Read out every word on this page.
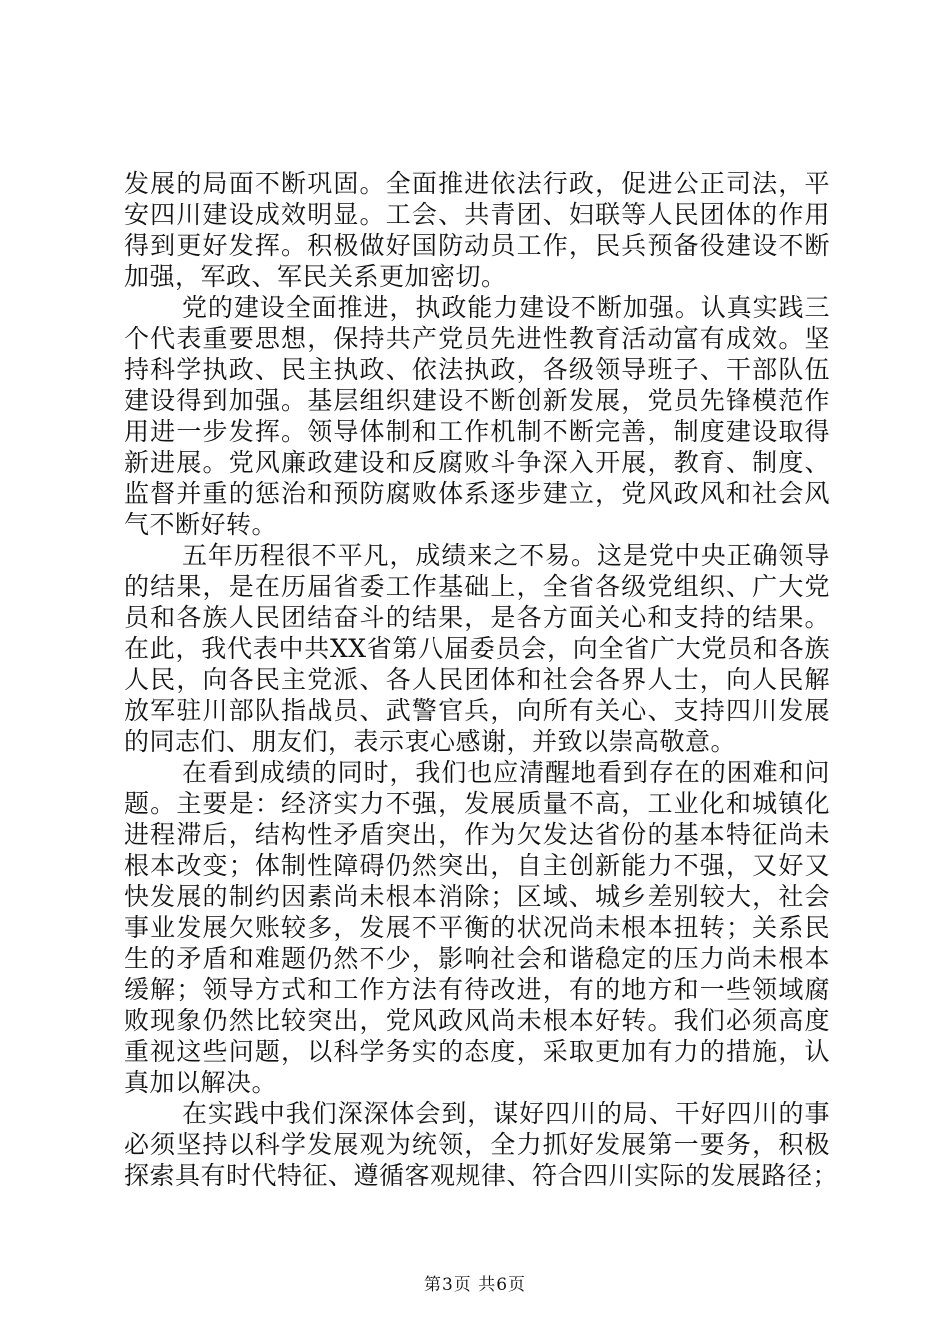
发展的局面不断巩固。全面推进依法行政，促进公正司法，平
安四川建设成效明显。工会、共青团、妇联等人民团体的作用
得到更好发挥。积极做好国防动员工作，民兵预备役建设不断
加强，军政、军民关系更加密切。
党的建设全面推进，执政能力建设不断加强。认真实践三
个代表重要思想，保持共产党员先进性教育活动富有成效。坚
持科学执政、民主执政、依法执政，各级领导班子、干部队伍
建设得到加强。基层组织建设不断创新发展，党员先锋模范作
用进一步发挥。领导体制和工作机制不断完善，制度建设取得
新进展。党风廉政建设和反腐败斗争深入开展，教育、制度、
监督并重的惩治和预防腐败体系逐步建立，党风政风和社会风
气不断好转。
五年历程很不平凡，成绩来之不易。这是党中央正确领导
的结果，是在历届省委工作基础上，全省各级党组织、广大党
员和各族人民团结奋斗的结果，是各方面关心和支持的结果。
在此，我代表中共XX省第八届委员会，向全省广大党员和各族
人民，向各民主党派、各人民团体和社会各界人士，向人民解
放军驻川部队指战员、武警官兵，向所有关心、支持四川发展
的同志们、朋友们，表示衷心感谢，并致以崇高敬意。
在看到成绩的同时，我们也应清醒地看到存在的困难和问
题。主要是：经济实力不强，发展质量不高，工业化和城镇化
进程滞后，结构性矛盾突出，作为欠发达省份的基本特征尚未
根本改变；体制性障碍仍然突出，自主创新能力不强，又好又
快发展的制约因素尚未根本消除；区域、城乡差别较大，社会
事业发展欠账较多，发展不平衡的状况尚未根本扭转；关系民
生的矛盾和难题仍然不少，影响社会和谐稳定的压力尚未根本
缓解；领导方式和工作方法有待改进，有的地方和一些领域腐
败现象仍然比较突出，党风政风尚未根本好转。我们必须高度
重视这些问题，以科学务实的态度，采取更加有力的措施，认
真加以解决。
在实践中我们深深体会到，谋好四川的局、干好四川的事
必须坚持以科学发展观为统领，全力抓好发展第一要务，积极
探索具有时代特征、遵循客观规律、符合四川实际的发展路径；
第3页 共6页
